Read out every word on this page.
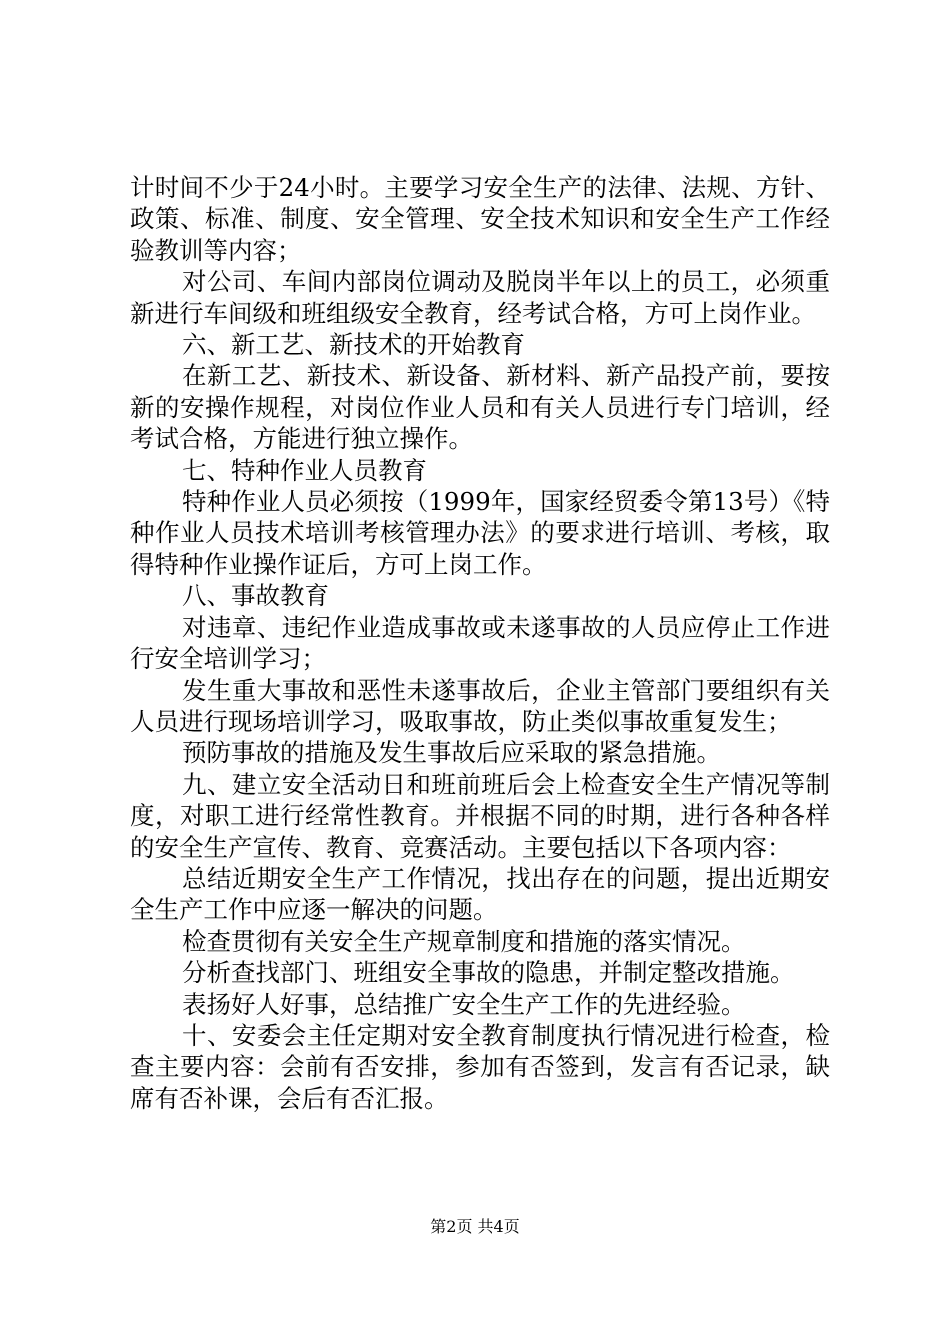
计时间不少于24小时。主要学习安全生产的法律、法规、方针、政策、标准、制度、安全管理、安全技术知识和安全生产工作经验教训等内容；

对公司、车间内部岗位调动及脱岗半年以上的员工，必须重新进行车间级和班组级安全教育，经考试合格，方可上岗作业。

六、新工艺、新技术的开始教育

在新工艺、新技术、新设备、新材料、新产品投产前，要按新的安操作规程，对岗位作业人员和有关人员进行专门培训，经考试合格，方能进行独立操作。

七、特种作业人员教育

特种作业人员必须按（1999年，国家经贸委令第13号）《特种作业人员技术培训考核管理办法》的要求进行培训、考核，取得特种作业操作证后，方可上岗工作。

八、事故教育

对违章、违纪作业造成事故或未遂事故的人员应停止工作进行安全培训学习；

发生重大事故和恶性未遂事故后，企业主管部门要组织有关人员进行现场培训学习，吸取事故，防止类似事故重复发生；

预防事故的措施及发生事故后应采取的紧急措施。

九、建立安全活动日和班前班后会上检查安全生产情况等制度，对职工进行经常性教育。并根据不同的时期，进行各种各样的安全生产宣传、教育、竞赛活动。主要包括以下各项内容：

总结近期安全生产工作情况，找出存在的问题，提出近期安全生产工作中应逐一解决的问题。

检查贯彻有关安全生产规章制度和措施的落实情况。

分析查找部门、班组安全事故的隐患，并制定整改措施。

表扬好人好事，总结推广安全生产工作的先进经验。

十、安委会主任定期对安全教育制度执行情况进行检查，检查主要内容：会前有否安排，参加有否签到，发言有否记录，缺席有否补课，会后有否汇报。

第2页 共4页
